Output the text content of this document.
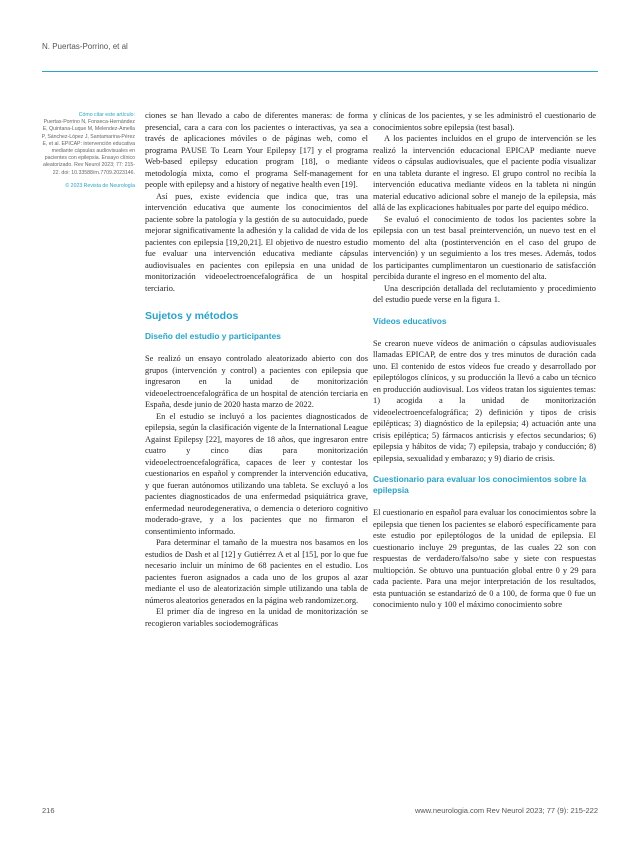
N. Puertas-Porrino, et al
Cómo citar este artículo:
Puertas-Porrino N, Fonseca-Hernández E, Quintana-Luque M, Melendez-Amella P, Sánchez-López J, Santamarina-Pérez E, et al. EPICAP: intervención educativa mediante cápsulas audiovisuales en pacientes con epilepsia. Ensayo clínico aleatorizado. Rev Neurol 2023; 77: 215-22. doi: 10.33588/rn.7709.2023146.
© 2023 Revista de Neurología

ciones se han llevado a cabo de diferentes maneras: de forma presencial, cara a cara con los pacientes o interactivas, ya sea a través de aplicaciones móviles o de páginas web, como el programa PAUSE To Learn Your Epilepsy [17] y el programa Web-based epilepsy education program [18], o mediante metodología mixta, como el programa Self-management for people with epilepsy and a history of negative health even [19].

Así pues, existe evidencia que indica que, tras una intervención educativa que aumente los conocimientos del paciente sobre la patología y la gestión de su autocuidado, puede mejorar significativamente la adhesión y la calidad de vida de los pacientes con epilepsia [19,20,21]. El objetivo de nuestro estudio fue evaluar una intervención educativa mediante cápsulas audiovisuales en pacientes con epilepsia en una unidad de monitorización videoelectroencefalográfica de un hospital terciario.

Sujetos y métodos
Diseño del estudio y participantes

Se realizó un ensayo controlado aleatorizado abierto con dos grupos (intervención y control) a pacientes con epilepsia que ingresaron en la unidad de monitorización videoelectroencefalográfica de un hospital de atención terciaria en España, desde junio de 2020 hasta marzo de 2022.

En el estudio se incluyó a los pacientes diagnosticados de epilepsia, según la clasificación vigente de la International League Against Epilepsy [22], mayores de 18 años, que ingresaron entre cuatro y cinco días para monitorización videoelectroencefalográfica, capaces de leer y contestar los cuestionarios en español y comprender la intervención educativa, y que fueran autónomos utilizando una tableta. Se excluyó a los pacientes diagnosticados de una enfermedad psiquiátrica grave, enfermedad neurodegenerativa, o demencia o deterioro cognitivo moderado-grave, y a los pacientes que no firmaron el consentimiento informado.

Para determinar el tamaño de la muestra nos basamos en los estudios de Dash et al [12] y Gutiérrez A et al [15], por lo que fue necesario incluir un mínimo de 68 pacientes en el estudio. Los pacientes fueron asignados a cada uno de los grupos al azar mediante el uso de aleatorización simple utilizando una tabla de números aleatorios generados en la página web randomizer.org.

El primer día de ingreso en la unidad de monitorización se recogieron variables sociodemográficas

y clínicas de los pacientes, y se les administró el cuestionario de conocimientos sobre epilepsia (test basal).

A los pacientes incluidos en el grupo de intervención se les realizó la intervención educacional EPICAP mediante nueve vídeos o cápsulas audiovisuales, que el paciente podía visualizar en una tableta durante el ingreso. El grupo control no recibía la intervención educativa mediante vídeos en la tableta ni ningún material educativo adicional sobre el manejo de la epilepsia, más allá de las explicaciones habituales por parte del equipo médico.

Se evaluó el conocimiento de todos los pacientes sobre la epilepsia con un test basal preintervención, un nuevo test en el momento del alta (postintervención en el caso del grupo de intervención) y un seguimiento a los tres meses. Además, todos los participantes cumplimentaron un cuestionario de satisfacción percibida durante el ingreso en el momento del alta.

Una descripción detallada del reclutamiento y procedimiento del estudio puede verse en la figura 1.

Vídeos educativos

Se crearon nueve vídeos de animación o cápsulas audiovisuales llamadas EPICAP, de entre dos y tres minutos de duración cada uno. El contenido de estos vídeos fue creado y desarrollado por epileptólogos clínicos, y su producción la llevó a cabo un técnico en producción audiovisual. Los vídeos tratan los siguientes temas: 1) acogida a la unidad de monitorización videoelectroencefalográfica; 2) definición y tipos de crisis epilépticas; 3) diagnóstico de la epilepsia; 4) actuación ante una crisis epiléptica; 5) fármacos anticrisis y efectos secundarios; 6) epilepsia y hábitos de vida; 7) epilepsia, trabajo y conducción; 8) epilepsia, sexualidad y embarazo; y 9) diario de crisis.

Cuestionario para evaluar los conocimientos sobre la epilepsia

El cuestionario en español para evaluar los conocimientos sobre la epilepsia que tienen los pacientes se elaboró específicamente para este estudio por epileptólogos de la unidad de epilepsia. El cuestionario incluye 29 preguntas, de las cuales 22 son con respuestas de verdadero/falso/no sabe y siete con respuestas multiopción. Se obtuvo una puntuación global entre 0 y 29 para cada paciente. Para una mejor interpretación de los resultados, esta puntuación se estandarizó de 0 a 100, de forma que 0 fue un conocimiento nulo y 100 el máximo conocimiento sobre

216	www.neurologia.com Rev Neurol 2023; 77 (9): 215-222
